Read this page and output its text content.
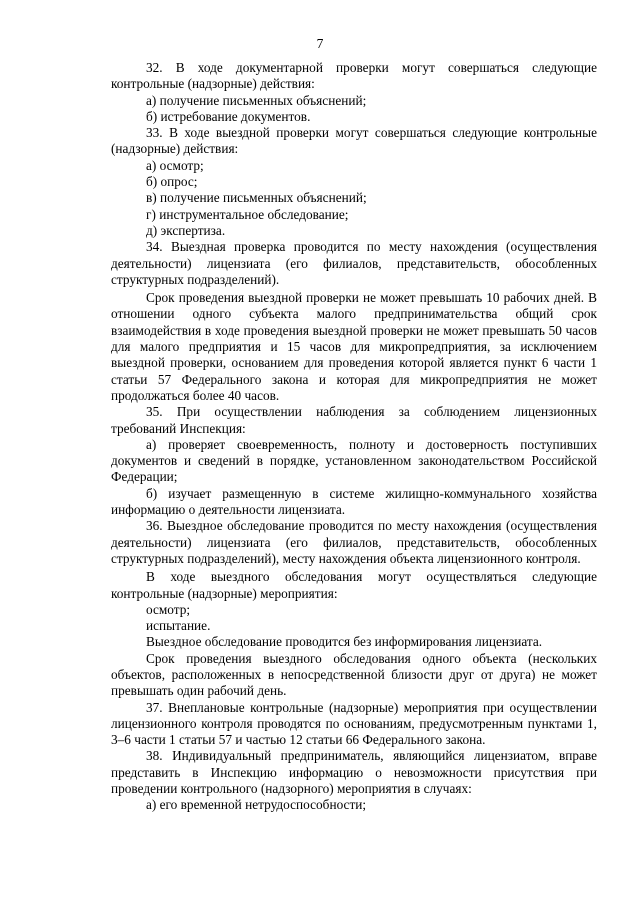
7

32. В ходе документарной проверки могут совершаться следующие контрольные (надзорные) действия:

а) получение письменных объяснений;

б) истребование документов.

33. В ходе выездной проверки могут совершаться следующие контрольные (надзорные) действия:

а) осмотр;

б) опрос;

в) получение письменных объяснений;

г) инструментальное обследование;

д) экспертиза.

34. Выездная проверка проводится по месту нахождения (осуществления деятельности) лицензиата (его филиалов, представительств, обособленных структурных подразделений).

Срок проведения выездной проверки не может превышать 10 рабочих дней. В отношении одного субъекта малого предпринимательства общий срок взаимодействия в ходе проведения выездной проверки не может превышать 50 часов для малого предприятия и 15 часов для микропредприятия, за исключением выездной проверки, основанием для проведения которой является пункт 6 части 1 статьи 57 Федерального закона и которая для микропредприятия не может продолжаться более 40 часов.

35. При осуществлении наблюдения за соблюдением лицензионных требований Инспекция:

а) проверяет своевременность, полноту и достоверность поступивших документов и сведений в порядке, установленном законодательством Российской Федерации;

б) изучает размещенную в системе жилищно-коммунального хозяйства информацию о деятельности лицензиата.

36. Выездное обследование проводится по месту нахождения (осуществления деятельности) лицензиата (его филиалов, представительств, обособленных структурных подразделений), месту нахождения объекта лицензионного контроля.

В ходе выездного обследования могут осуществляться следующие контрольные (надзорные) мероприятия:

осмотр;

испытание.

Выездное обследование проводится без информирования лицензиата.

Срок проведения выездного обследования одного объекта (нескольких объектов, расположенных в непосредственной близости друг от друга) не может превышать один рабочий день.

37. Внеплановые контрольные (надзорные) мероприятия при осуществлении лицензионного контроля проводятся по основаниям, предусмотренным пунктами 1, 3–6 части 1 статьи 57 и частью 12 статьи 66 Федерального закона.

38. Индивидуальный предприниматель, являющийся лицензиатом, вправе представить в Инспекцию информацию о невозможности присутствия при проведении контрольного (надзорного) мероприятия в случаях:

а) его временной нетрудоспособности;
